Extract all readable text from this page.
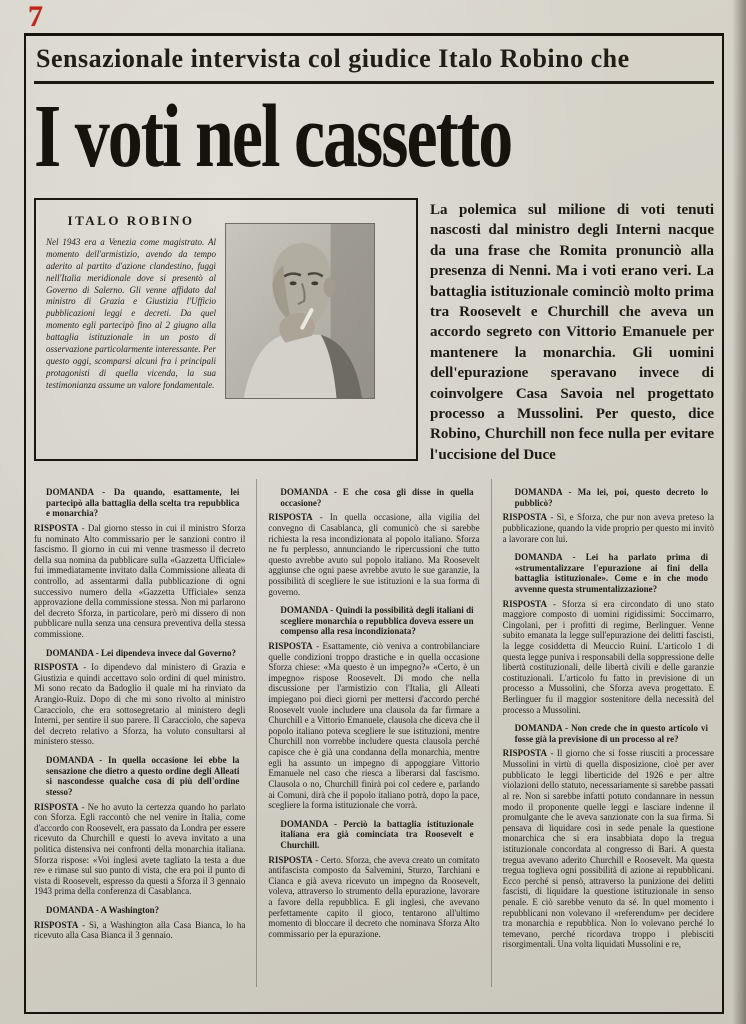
7
Sensazionale intervista col giudice Italo Robino che
I voti nel cassetto
ITALO ROBINO

Nel 1943 era a Venezia come magistrato. Al momento dell'armistizio, avendo da tempo aderito al partito d'azione clandestino, fuggì nell'Italia meridionale dove si presentò al Governo di Salerno. Gli venne affidato dal ministro di Grazia e Giustizia l'Ufficio pubblicazioni leggi e decreti. Da quel momento egli partecipò fino al 2 giugno alla battaglia istituzionale in un posto di osservazione particolarmente interessante. Per questo oggi, scomparsi alcuni fra i principali protagonisti di quella vicenda, la sua testimonianza assume un valore fondamentale.

La polemica sul milione di voti tenuti nascosti dal ministro degli Interni nacque da una frase che Romita pronunciò alla presenza di Nenni. Ma i voti erano veri. La battaglia istituzionale cominciò molto prima tra Roosevelt e Churchill che aveva un accordo segreto con Vittorio Emanuele per mantenere la monarchia. Gli uomini dell'epurazione speravano invece di coinvolgere Casa Savoia nel progettato processo a Mussolini. Per questo, dice Robino, Churchill non fece nulla per evitare l'uccisione del Duce

DOMANDA - Da quando, esattamente, lei partecipò alla battaglia della scelta tra repubblica e monarchia?

RISPOSTA - Dal giorno stesso in cui il ministro Sforza fu nominato Alto commissario per le sanzioni contro il fascismo. Il giorno in cui mi venne trasmesso il decreto della sua nomina da pubblicare sulla «Gazzetta Ufficiale» fui immediatamente invitato dalla Commissione alleata di controllo, ad assentarmi dalla pubblicazione di ogni successivo numero della «Gazzetta Ufficiale» senza approvazione della commissione stessa. Non mi parlarono del decreto Sforza, in particolare, però mi dissero di non pubblicare nulla senza una censura preventiva della stessa commissione.

DOMANDA - Lei dipendeva invece dal Governo?

RISPOSTA - Io dipendevo dal ministero di Grazia e Giustizia e quindi accettavo solo ordini di quel ministro. Mi sono recato da Badoglio il quale mi ha rinviato da Arangio-Ruiz. Dopo di che mi sono rivolto al ministro Caracciolo, che era sottosegretario al ministero degli Interni, per sentire il suo parere. Il Caracciolo, che sapeva del decreto relativo a Sforza, ha voluto consultarsi al ministero stesso.

DOMANDA - In quella occasione lei ebbe la sensazione che dietro a questo ordine degli Alleati si nascondesse qualche cosa di più dell'ordine stesso?

RISPOSTA - Ne ho avuto la certezza quando ho parlato con Sforza. Egli raccontò che nel venire in Italia, come d'accordo con Roosevelt, era passato da Londra per essere ricevuto da Churchill e questi lo aveva invitato a una politica distensiva nei confronti della monarchia italiana. Sforza rispose: «Voi inglesi avete tagliato la testa a due re» e rimase sul suo punto di vista, che era poi il punto di vista di Roosevelt, espresso da questi a Sforza il 3 gennaio 1943 prima della conferenza di Casablanca.

DOMANDA - A Washington?

RISPOSTA - Sì, a Washington alla Casa Bianca, lo ha ricevuto alla Casa Bianca il 3 gennaio.

DOMANDA - E che cosa gli disse in quella occasione?

RISPOSTA - In quella occasione, alla vigilia del convegno di Casablanca, gli comunicò che si sarebbe richiesta la resa incondizionata al popolo italiano. Sforza ne fu perplesso, annunciando le ripercussioni che tutto questo avrebbe avuto sul popolo italiano. Ma Roosevelt aggiunse che ogni paese avrebbe avuto le sue garanzie, la possibilità di scegliere le sue istituzioni e la sua forma di governo.

DOMANDA - Quindi la possibilità degli italiani di scegliere monarchia o repubblica doveva essere un compenso alla resa incondizionata?

RISPOSTA - Esattamente, ciò veniva a controbilanciare quelle condizioni troppo drastiche e in quella occasione Sforza chiese: «Ma questo è un impegno?» «Certo, è un impegno» rispose Roosevelt. Di modo che nella discussione per l'armistizio con l'Italia, gli Alleati impiegano poi dieci giorni per mettersi d'accordo perché Roosevelt vuole includere una clausola da far firmare a Churchill e a Vittorio Emanuele, clausola che diceva che il popolo italiano poteva scegliere le sue istituzioni, mentre Churchill non vorrebbe includere questa clausola perché capisce che è già una condanna della monarchia, mentre egli ha assunto un impegno di appoggiare Vittorio Emanuele nel caso che riesca a liberarsi dal fascismo. Clausola o no, Churchill finirà poi col cedere e, parlando ai Comuni, dirà che il popolo italiano potrà, dopo la pace, scegliere la forma istituzionale che vorrà.

DOMANDA - Perciò la battaglia istituzionale italiana era già cominciata tra Roosevelt e Churchill.

RISPOSTA - Certo. Sforza, che aveva creato un comitato antifascista composto da Salvemini, Sturzo, Tarchiani e Cianca e già aveva ricevuto un impegno da Roosevelt, voleva, attraverso lo strumento della epurazione, lavorare a favore della repubblica. E gli inglesi, che avevano perfettamente capito il gioco, tentarono all'ultimo momento di bloccare il decreto che nominava Sforza Alto commissario per la epurazione.

DOMANDA - Ma lei, poi, questo decreto lo pubblicò?

RISPOSTA - Sì, e Sforza, che pur non aveva preteso la pubblicazione, quando la vide proprio per questo mi invitò a lavorare con lui.

DOMANDA - Lei ha parlato prima di «strumentalizzare l'epurazione ai fini della battaglia istituzionale». Come e in che modo avvenne questa strumentalizzazione?

RISPOSTA - Sforza si era circondato di uno stato maggiore composto di uomini rigidissimi: Soccimarro, Cingolani, per i profitti di regime, Berlinguer. Venne subito emanata la legge sull'epurazione dei delitti fascisti, la legge cosiddetta di Meuccio Ruini. L'articolo 1 di questa legge puniva i responsabili della soppressione delle libertà costituzionali, delle libertà civili e delle garanzie costituzionali. L'articolo fu fatto in previsione di un processo a Mussolini, che Sforza aveva progettato. E Berlinguer fu il maggior sostenitore della necessità del processo a Mussolini.

DOMANDA - Non crede che in questo articolo vi fosse già la previsione di un processo al re?

RISPOSTA - Il giorno che si fosse riusciti a processare Mussolini in virtù di quella disposizione, cioè per aver pubblicato le leggi liberticide del 1926 e per altre violazioni dello statuto, necessariamente si sarebbe passati al re. Non si sarebbe infatti potuto condannare in nessun modo il proponente quelle leggi e lasciare indenne il promulgante che le aveva sanzionate con la sua firma. Si pensava di liquidare così in sede penale la questione monarchica che si era insabbiata dopo la tregua istituzionale concordata al congresso di Bari. A questa tregua avevano aderito Churchill e Roosevelt. Ma questa tregua toglieva ogni possibilità di azione ai repubblicani. Ecco perché si pensò, attraverso la punizione dei delitti fascisti, di liquidare la questione istituzionale in senso penale. E ciò sarebbe venuto da sé. In quel momento i repubblicani non volevano il «referendum» per decidere tra monarchia e repubblica. Non lo volevano perché lo temevano, perché ricordava troppo i plebisciti risorgimentali. Una volta liquidati Mussolini e re,
